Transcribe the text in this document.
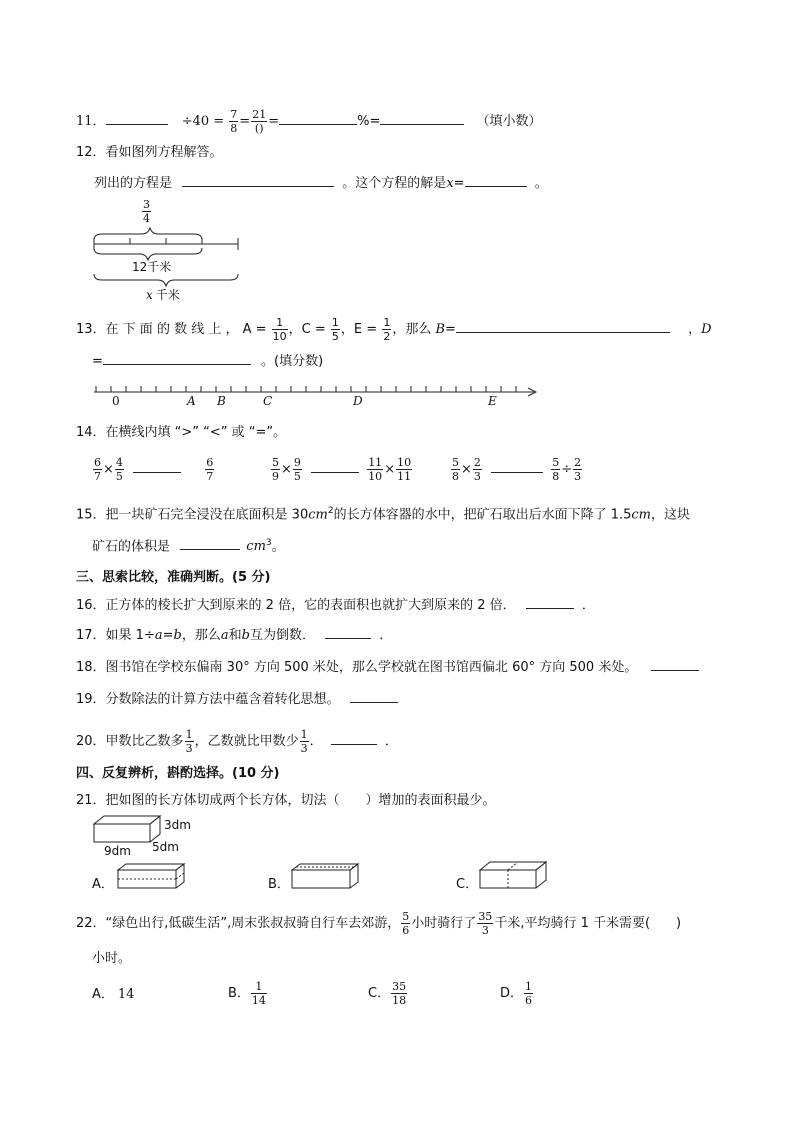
11．	$\div 40 = \frac{7}{8} = \frac{21}{()}$ =	%=	（填小数）
12．看如图列方程解答。
列出的方程是	。这个方程的解是x=	。
$\frac{3}{4}$
12千米
x 千米
13．在 下 面 的 数 线 上 ， $A = \frac{1}{10}$ ，$C = \frac{1}{5}$ ，$E = \frac{1}{2}$ ，那么 B=	，D
=	。(填分数)
0	A B	C	D	E
14．在横线内填 “>” “<” 或 “=”。
$\frac{6}{7} \times \frac{4}{5}$
	$\frac{6}{7}$	$\frac{5}{9} \times \frac{9}{5}$
	$\frac{11}{10} \times \frac{10}{11}$	$\frac{5}{8} \times \frac{2}{3}$
	$\frac{5}{8} \div \frac{2}{3}$
15．把一块矿石完全浸没在底面积是 $30cm^2$的长方体容器的水中，把矿石取出后水面下降了 1.5cm，这块
矿石的体积是	$cm^3$。
三、思索比较，准确判断。(5 分)
16．正方体的棱长扩大到原来的 2 倍，它的表面积也就扩大到原来的 2 倍．	．
17．如果 1÷a=b，那么a和b互为倒数．	．
18．图书馆在学校东偏南 30° 方向 500 米处，那么学校就在图书馆西偏北 60° 方向 500 米处。
19．分数除法的计算方法中蕴含着转化思想。
20．甲数比乙数多 $\frac{1}{3}$ ，乙数就比甲数少 $\frac{1}{3}$ ．	．
四、反复辨析，斟酌选择。(10 分)
21．把如图的长方体切成两个长方体，切法（　　）增加的表面积最少。
3dm
9dm 5dm
A．	B．	C．
22．“绿色出行,低碳生活”,周末张叔叔骑自行车去郊游， $\frac{5}{6}$ 小时骑行了 $\frac{35}{3}$ 千米,平均骑行 1 千米需要(　　)
小时。
A． 14	B． $\frac{1}{14}$	C． $\frac{35}{18}$	D． $\frac{1}{6}$
